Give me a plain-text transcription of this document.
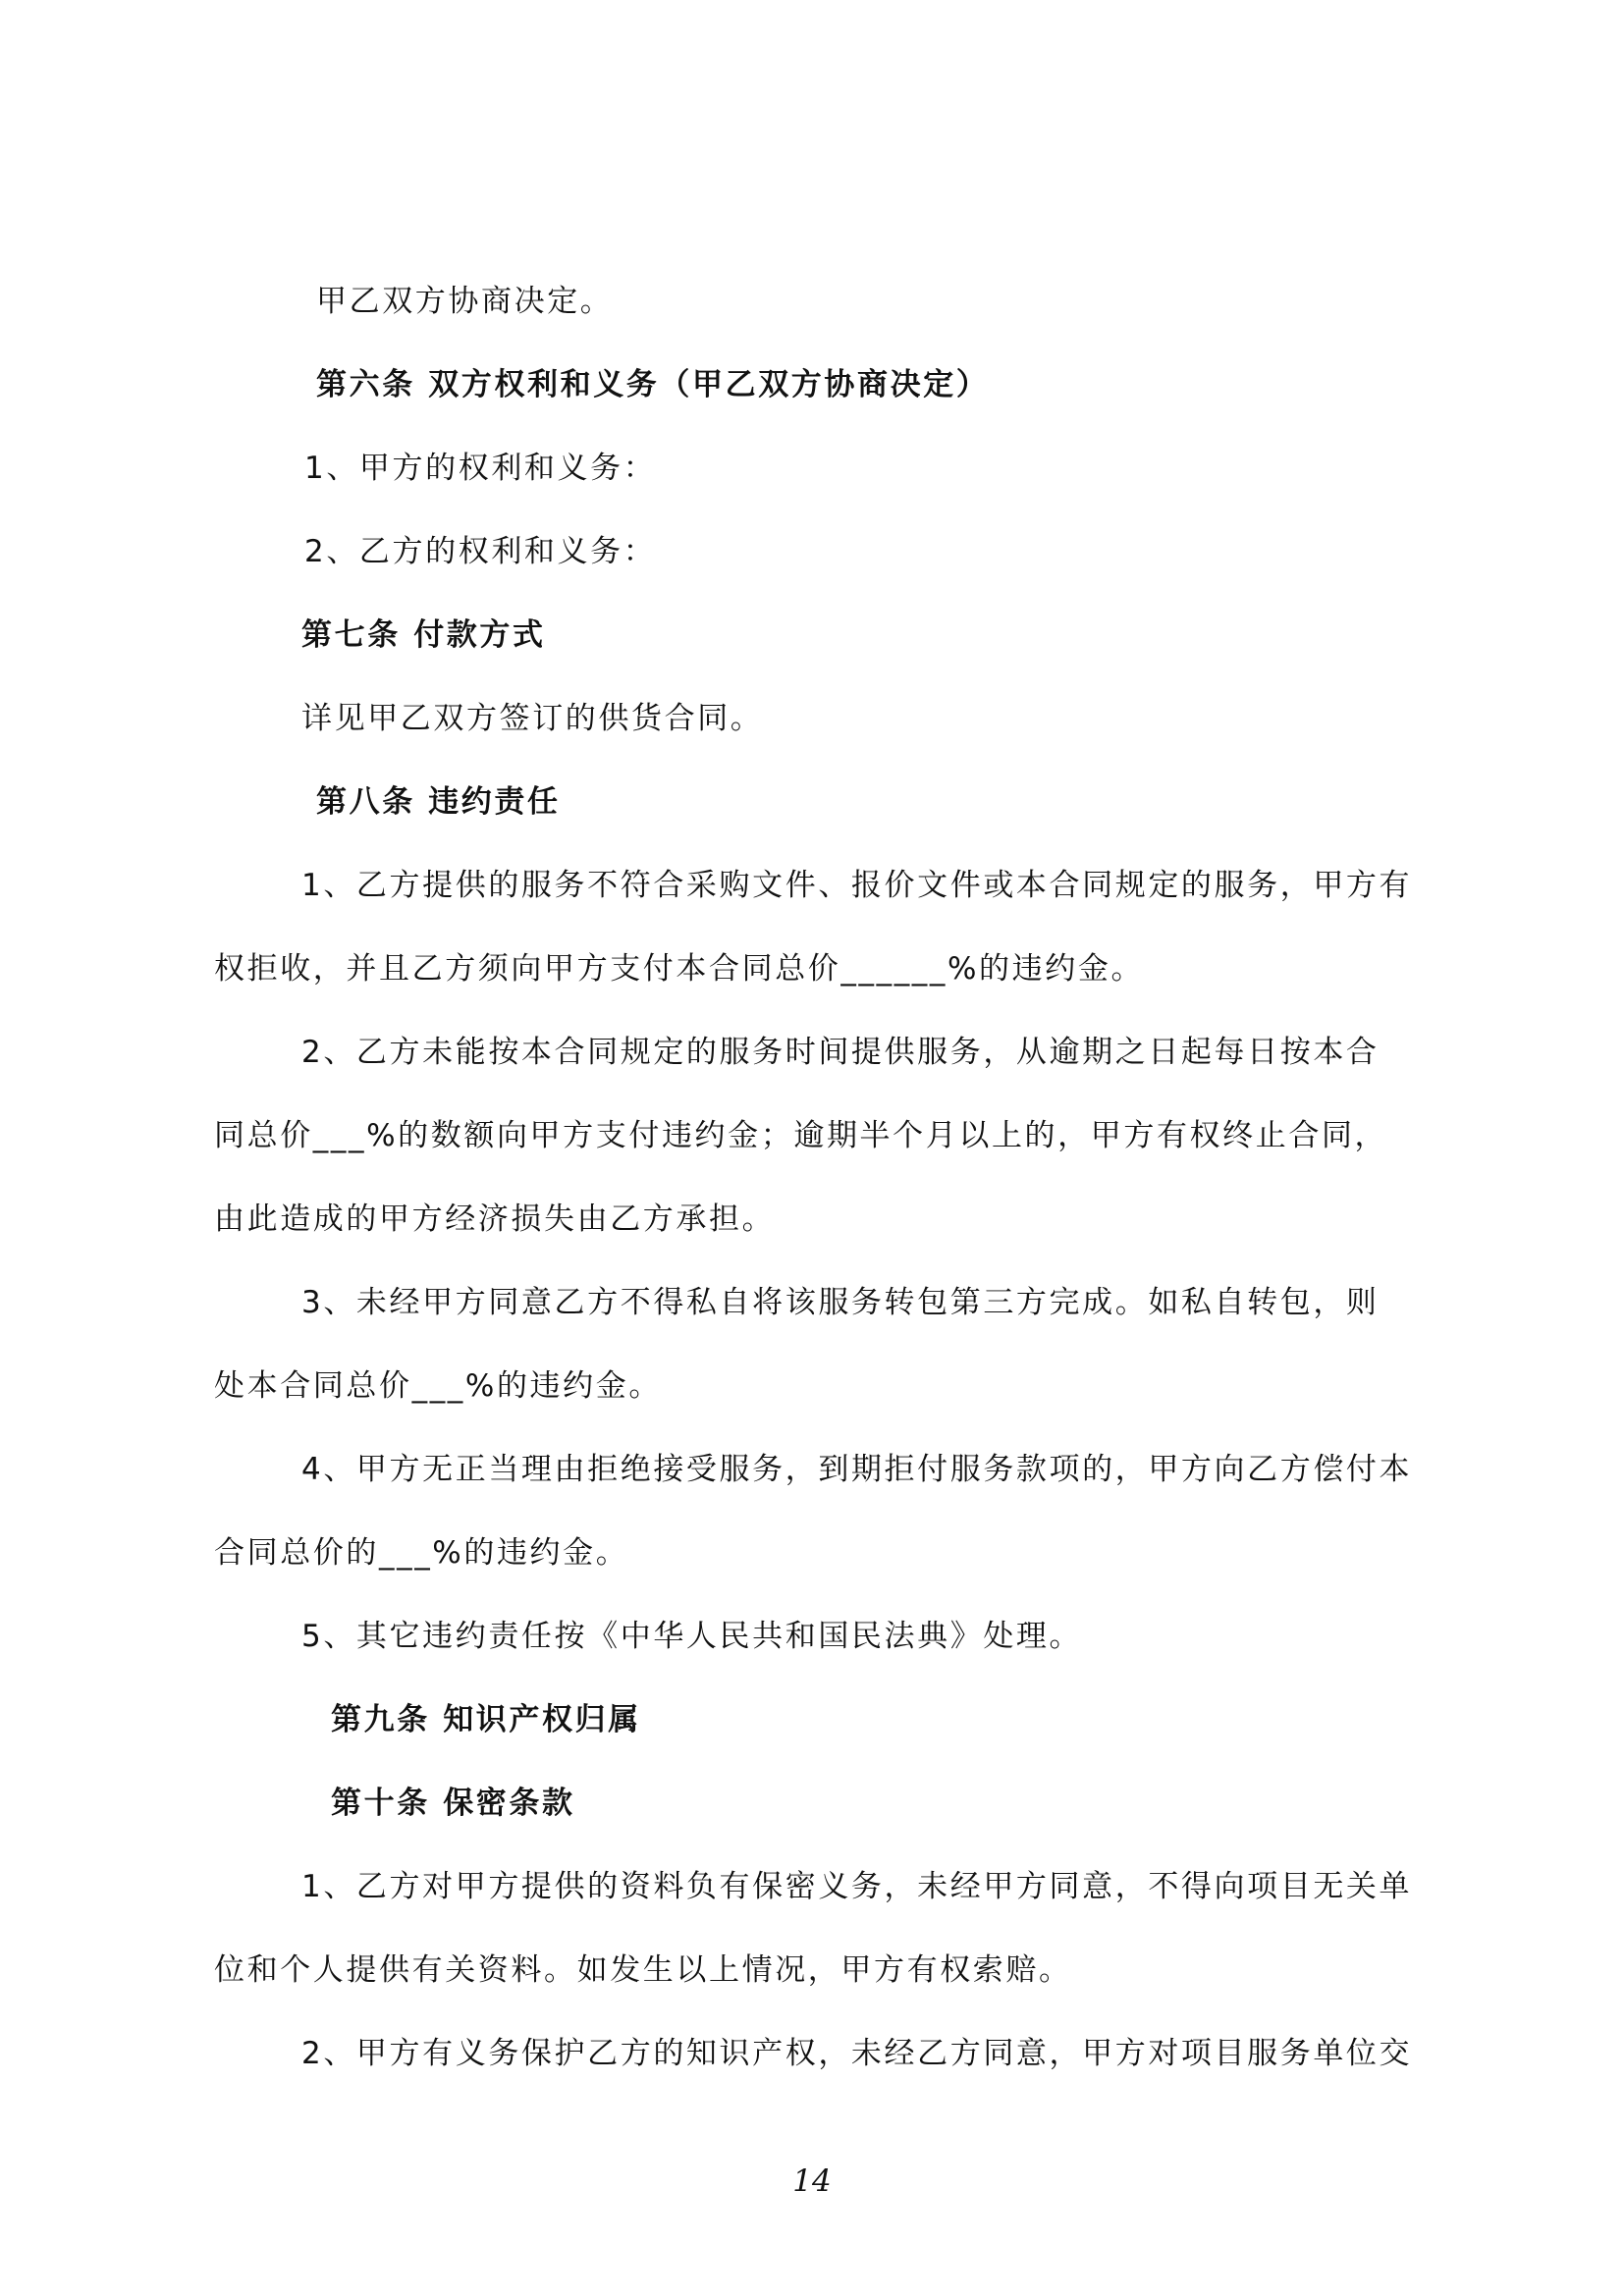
甲乙双方协商决定。
第六条 双方权利和义务（甲乙双方协商决定）
1、甲方的权利和义务：
2、乙方的权利和义务：
第七条 付款方式
详见甲乙双方签订的供货合同。
第八条 违约责任
1、乙方提供的服务不符合采购文件、报价文件或本合同规定的服务，甲方有
权拒收，并且乙方须向甲方支付本合同总价______%的违约金。
2、乙方未能按本合同规定的服务时间提供服务，从逾期之日起每日按本合
同总价___%的数额向甲方支付违约金；逾期半个月以上的，甲方有权终止合同，
由此造成的甲方经济损失由乙方承担。
3、未经甲方同意乙方不得私自将该服务转包第三方完成。如私自转包，则
处本合同总价___%的违约金。
4、甲方无正当理由拒绝接受服务，到期拒付服务款项的，甲方向乙方偿付本
合同总价的___%的违约金。
5、其它违约责任按《中华人民共和国民法典》处理。
第九条 知识产权归属
第十条 保密条款
1、乙方对甲方提供的资料负有保密义务，未经甲方同意，不得向项目无关单
位和个人提供有关资料。如发生以上情况，甲方有权索赔。
2、甲方有义务保护乙方的知识产权，未经乙方同意，甲方对项目服务单位交
14
